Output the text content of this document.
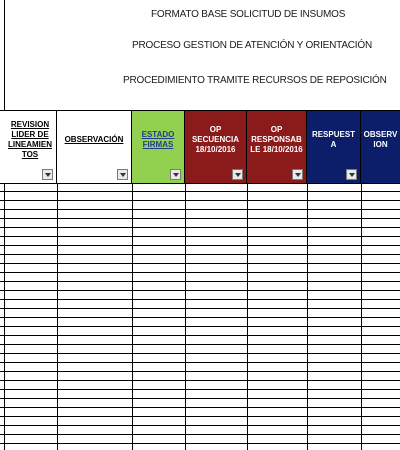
FORMATO BASE SOLICITUD DE INSUMOS
PROCESO GESTION DE ATENCIÓN Y ORIENTACIÓN
PROCEDIMIENTO TRAMITE RECURSOS DE REPOSICIÓN
REVISION LIDER DE LINEAMIEN TOS
OBSERVACIÓN
ESTADO FIRMAS
OP SECUENCIA 18/10/2016
OP RESPONSAB LE 18/10/2016
RESPUEST A
OBSERV ION
